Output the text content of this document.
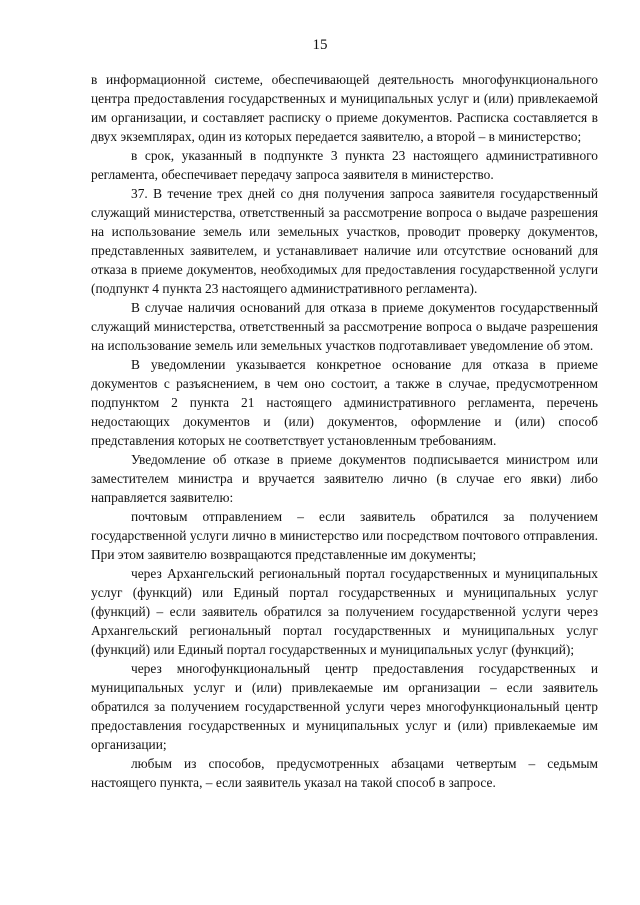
15

в информационной системе, обеспечивающей деятельность многофункционального центра предоставления государственных и муниципальных услуг и (или) привлекаемой им организации, и составляет расписку о приеме документов. Расписка составляется в двух экземплярах, один из которых передается заявителю, а второй – в министерство;

в срок, указанный в подпункте 3 пункта 23 настоящего административного регламента, обеспечивает передачу запроса заявителя в министерство.

37. В течение трех дней со дня получения запроса заявителя государственный служащий министерства, ответственный за рассмотрение вопроса о выдаче разрешения на использование земель или земельных участков, проводит проверку документов, представленных заявителем, и устанавливает наличие или отсутствие оснований для отказа в приеме документов, необходимых для предоставления государственной услуги (подпункт 4 пункта 23 настоящего административного регламента).

В случае наличия оснований для отказа в приеме документов государственный служащий министерства, ответственный за рассмотрение вопроса о выдаче разрешения на использование земель или земельных участков подготавливает уведомление об этом.

В уведомлении указывается конкретное основание для отказа в приеме документов с разъяснением, в чем оно состоит, а также в случае, предусмотренном подпунктом 2 пункта 21 настоящего административного регламента, перечень недостающих документов и (или) документов, оформление и (или) способ представления которых не соответствует установленным требованиям.

Уведомление об отказе в приеме документов подписывается министром или заместителем министра и вручается заявителю лично (в случае его явки) либо направляется заявителю:

почтовым отправлением – если заявитель обратился за получением государственной услуги лично в министерство или посредством почтового отправления. При этом заявителю возвращаются представленные им документы;

через Архангельский региональный портал государственных и муниципальных услуг (функций) или Единый портал государственных и муниципальных услуг (функций) – если заявитель обратился за получением государственной услуги через Архангельский региональный портал государственных и муниципальных услуг (функций) или Единый портал государственных и муниципальных услуг (функций);

через многофункциональный центр предоставления государственных и муниципальных услуг и (или) привлекаемые им организации – если заявитель обратился за получением государственной услуги через многофункциональный центр предоставления государственных и муниципальных услуг и (или) привлекаемые им организации;

любым из способов, предусмотренных абзацами четвертым – седьмым настоящего пункта, – если заявитель указал на такой способ в запросе.
